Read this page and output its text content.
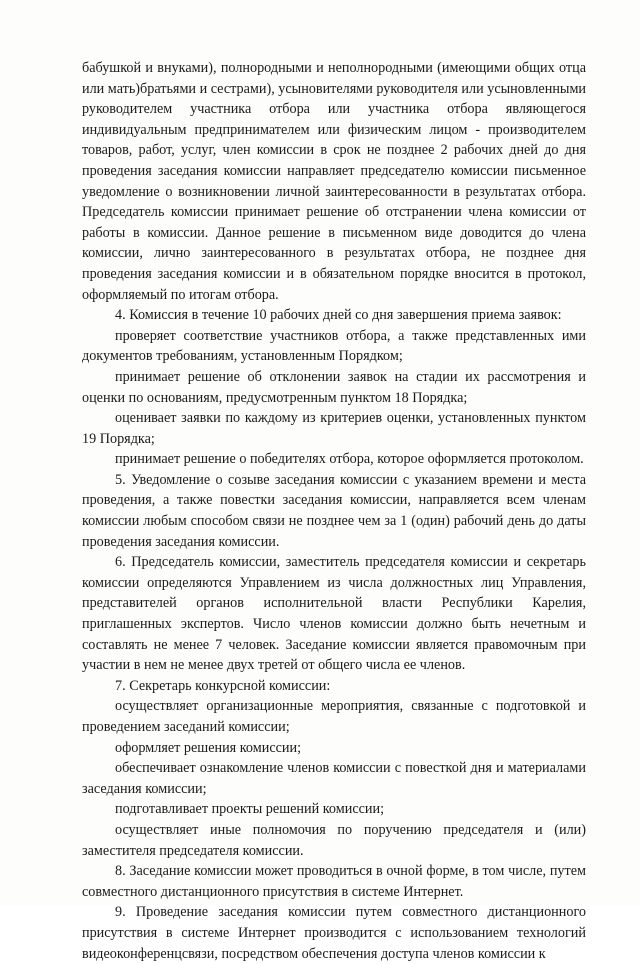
бабушкой и внуками), полнородными и неполнородными (имеющими общих отца или мать)братьями и сестрами), усыновителями руководителя или усыновленными руководителем участника отбора или участника отбора являющегося индивидуальным предпринимателем или физическим лицом - производителем товаров, работ, услуг, член комиссии в срок не позднее 2 рабочих дней до дня проведения заседания комиссии направляет председателю комиссии письменное уведомление о возникновении личной заинтересованности в результатах отбора. Председатель комиссии принимает решение об отстранении члена комиссии от работы в комиссии. Данное решение в письменном виде доводится до члена комиссии, лично заинтересованного в результатах отбора, не позднее дня проведения заседания комиссии и в обязательном порядке вносится в протокол, оформляемый по итогам отбора.

4. Комиссия в течение 10 рабочих дней со дня завершения приема заявок:

проверяет соответствие участников отбора, а также представленных ими документов требованиям, установленным Порядком;

принимает решение об отклонении заявок на стадии их рассмотрения и оценки по основаниям, предусмотренным пунктом 18 Порядка;

оценивает заявки по каждому из критериев оценки, установленных пунктом 19 Порядка;

принимает решение о победителях отбора, которое оформляется протоколом.

5. Уведомление о созыве заседания комиссии с указанием времени и места проведения, а также повестки заседания комиссии, направляется всем членам комиссии любым способом связи не позднее чем за 1 (один) рабочий день до даты проведения заседания комиссии.

6. Председатель комиссии, заместитель председателя комиссии и секретарь комиссии определяются Управлением из числа должностных лиц Управления, представителей органов исполнительной власти Республики Карелия, приглашенных экспертов. Число членов комиссии должно быть нечетным и составлять не менее 7 человек. Заседание комиссии является правомочным при участии в нем не менее двух третей от общего числа ее членов.

7. Секретарь конкурсной комиссии:

осуществляет организационные мероприятия, связанные с подготовкой и проведением заседаний комиссии;

оформляет решения комиссии;

обеспечивает ознакомление членов комиссии с повесткой дня и материалами заседания комиссии;

подготавливает проекты решений комиссии;

осуществляет иные полномочия по поручению председателя и (или) заместителя председателя комиссии.

8. Заседание комиссии может проводиться в очной форме, в том числе, путем совместного дистанционного присутствия в системе Интернет.

9. Проведение заседания комиссии путем совместного дистанционного присутствия в системе Интернет производится с использованием технологий видеоконференцсвязи, посредством обеспечения доступа членов комиссии к
